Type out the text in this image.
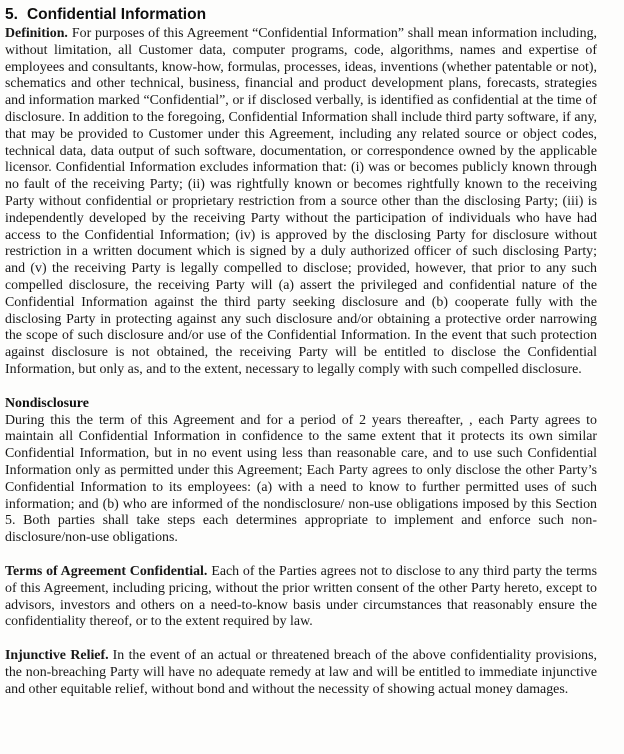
5. Confidential Information

Definition. For purposes of this Agreement “Confidential Information” shall mean information including, without limitation, all Customer data, computer programs, code, algorithms, names and expertise of employees and consultants, know-how, formulas, processes, ideas, inventions (whether patentable or not), schematics and other technical, business, financial and product development plans, forecasts, strategies and information marked “Confidential”, or if disclosed verbally, is identified as confidential at the time of disclosure. In addition to the foregoing, Confidential Information shall include third party software, if any, that may be provided to Customer under this Agreement, including any related source or object codes, technical data, data output of such software, documentation, or correspondence owned by the applicable licensor. Confidential Information excludes information that: (i) was or becomes publicly known through no fault of the receiving Party; (ii) was rightfully known or becomes rightfully known to the receiving Party without confidential or proprietary restriction from a source other than the disclosing Party; (iii) is independently developed by the receiving Party without the participation of individuals who have had access to the Confidential Information; (iv) is approved by the disclosing Party for disclosure without restriction in a written document which is signed by a duly authorized officer of such disclosing Party; and (v) the receiving Party is legally compelled to disclose; provided, however, that prior to any such compelled disclosure, the receiving Party will (a) assert the privileged and confidential nature of the Confidential Information against the third party seeking disclosure and (b) cooperate fully with the disclosing Party in protecting against any such disclosure and/or obtaining a protective order narrowing the scope of such disclosure and/or use of the Confidential Information. In the event that such protection against disclosure is not obtained, the receiving Party will be entitled to disclose the Confidential Information, but only as, and to the extent, necessary to legally comply with such compelled disclosure.

Nondisclosure

During this the term of this Agreement and for a period of 2 years thereafter, , each Party agrees to maintain all Confidential Information in confidence to the same extent that it protects its own similar Confidential Information, but in no event using less than reasonable care, and to use such Confidential Information only as permitted under this Agreement; Each Party agrees to only disclose the other Party’s Confidential Information to its employees: (a) with a need to know to further permitted uses of such information; and (b) who are informed of the nondisclosure/ non-use obligations imposed by this Section 5. Both parties shall take steps each determines appropriate to implement and enforce such non-disclosure/non-use obligations.

Terms of Agreement Confidential. Each of the Parties agrees not to disclose to any third party the terms of this Agreement, including pricing, without the prior written consent of the other Party hereto, except to advisors, investors and others on a need-to-know basis under circumstances that reasonably ensure the confidentiality thereof, or to the extent required by law.

Injunctive Relief. In the event of an actual or threatened breach of the above confidentiality provisions, the non-breaching Party will have no adequate remedy at law and will be entitled to immediate injunctive and other equitable relief, without bond and without the necessity of showing actual money damages.
